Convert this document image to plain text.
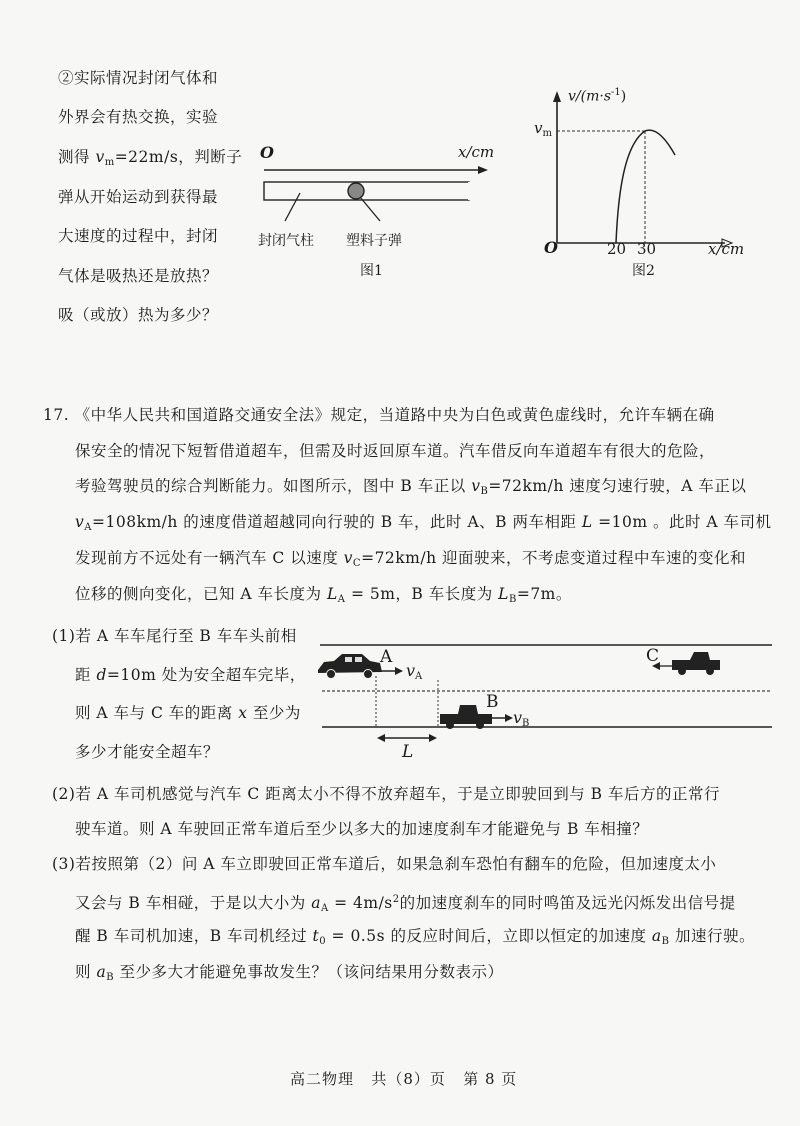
②实际情况封闭气体和
外界会有热交换，实验
测得 $v_m=22m/s$，判断子
弹从开始运动到获得最
大速度的过程中，封闭
气体是吸热还是放热？
吸（或放）热为多少？
O	x/cm
封闭气柱 塑料子弹
图1
$v/(m\cdot s^{-1})$
$v_m$
O	20 30	x/cm
图2
17. 《中华人民共和国道路交通安全法》规定，当道路中央为白色或黄色虚线时，允许车辆在确
保安全的情况下短暂借道超车，但需及时返回原车道。汽车借反向车道超车有很大的危险，
考验驾驶员的综合判断能力。如图所示，图中 B 车正以 $v_B=72km/h$ 速度匀速行驶，A 车正以
$v_A=108km/h$ 的速度借道超越同向行驶的 B 车，此时 A、B 两车相距 L =10m 。此时 A 车司机
发现前方不远处有一辆汽车 C 以速度 $v_C=72km/h$ 迎面驶来，不考虑变道过程中车速的变化和
位移的侧向变化，已知 A 车长度为 $L_A = 5m$，B 车长度为 $L_B=7m$。
(1)若 A 车车尾行至 B 车车头前相
距 d=10m 处为安全超车完毕，
则 A 车与 C 车的距离 x 至少为
多少才能安全超车？
A
$v_A$
B
$v_B$
C
L
(2)若 A 车司机感觉与汽车 C 距离太小不得不放弃超车，于是立即驶回到与 B 车后方的正常行
驶车道。则 A 车驶回正常车道后至少以多大的加速度刹车才能避免与 B 车相撞？
(3)若按照第（2）问 A 车立即驶回正常车道后，如果急刹车恐怕有翻车的危险，但加速度太小
又会与 B 车相碰，于是以大小为 $a_A = 4m/s^2$的加速度刹车的同时鸣笛及远光闪烁发出信号提
醒 B 车司机加速，B 车司机经过 $t_0 = 0.5s$ 的反应时间后，立即以恒定的加速度 $a_B$ 加速行驶。
则 $a_B$ 至少多大才能避免事故发生？（该问结果用分数表示）
高二物理 共（8）页 第 8 页
